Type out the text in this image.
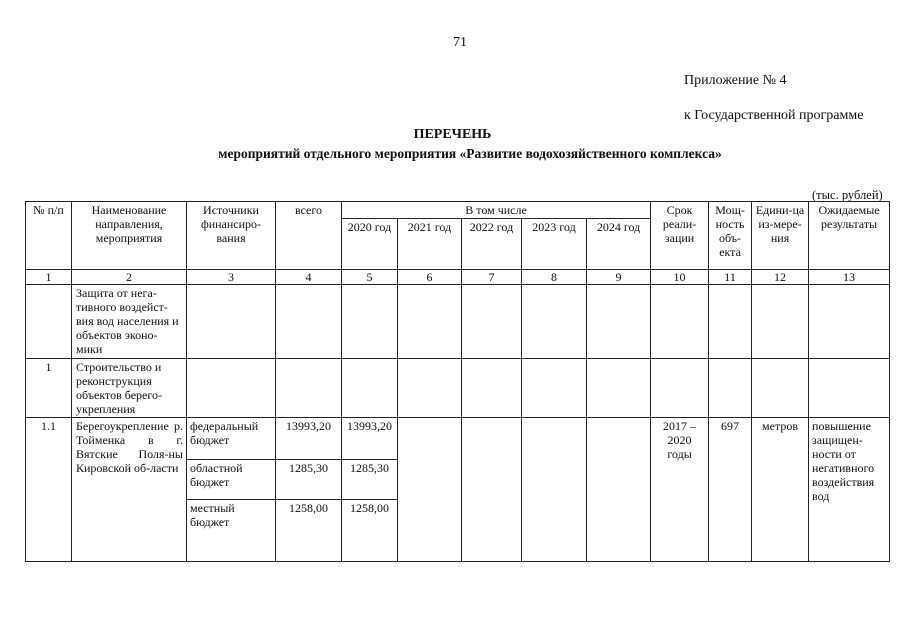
71
Приложение № 4
к Государственной программе
ПЕРЕЧЕНЬ
мероприятий отдельного мероприятия «Развитие водохозяйственного комплекса»
(тыс. рублей)
№ п/п	Наименование направления, мероприятия	Источники финансиро-вания	всего	В том числе					Срок реали-зации	Мощ-ность объ-екта	Едини-ца из-мере-ния	Ожидаемые результаты
				2020 год	2021 год	2022 год	2023 год	2024 год				
1	2	3	4	5	6	7	8	9	10	11	12	13
	Защита от нега-тивного воздейст-вия вод населения и объектов эконо-мики											
1	Строительство и реконструкция объектов берего-укрепления											
1.1	Берегоукрепление р. Тойменка в г. Вятские Поля-ны Кировской об-ласти	федеральный бюджет	13993,20	13993,20					2017 – 2020 годы	697	метров	повышение защищен-ности от негативного воздействия вод
		областной бюджет	1285,30	1285,30								
		местный бюджет	1258,00	1258,00								
